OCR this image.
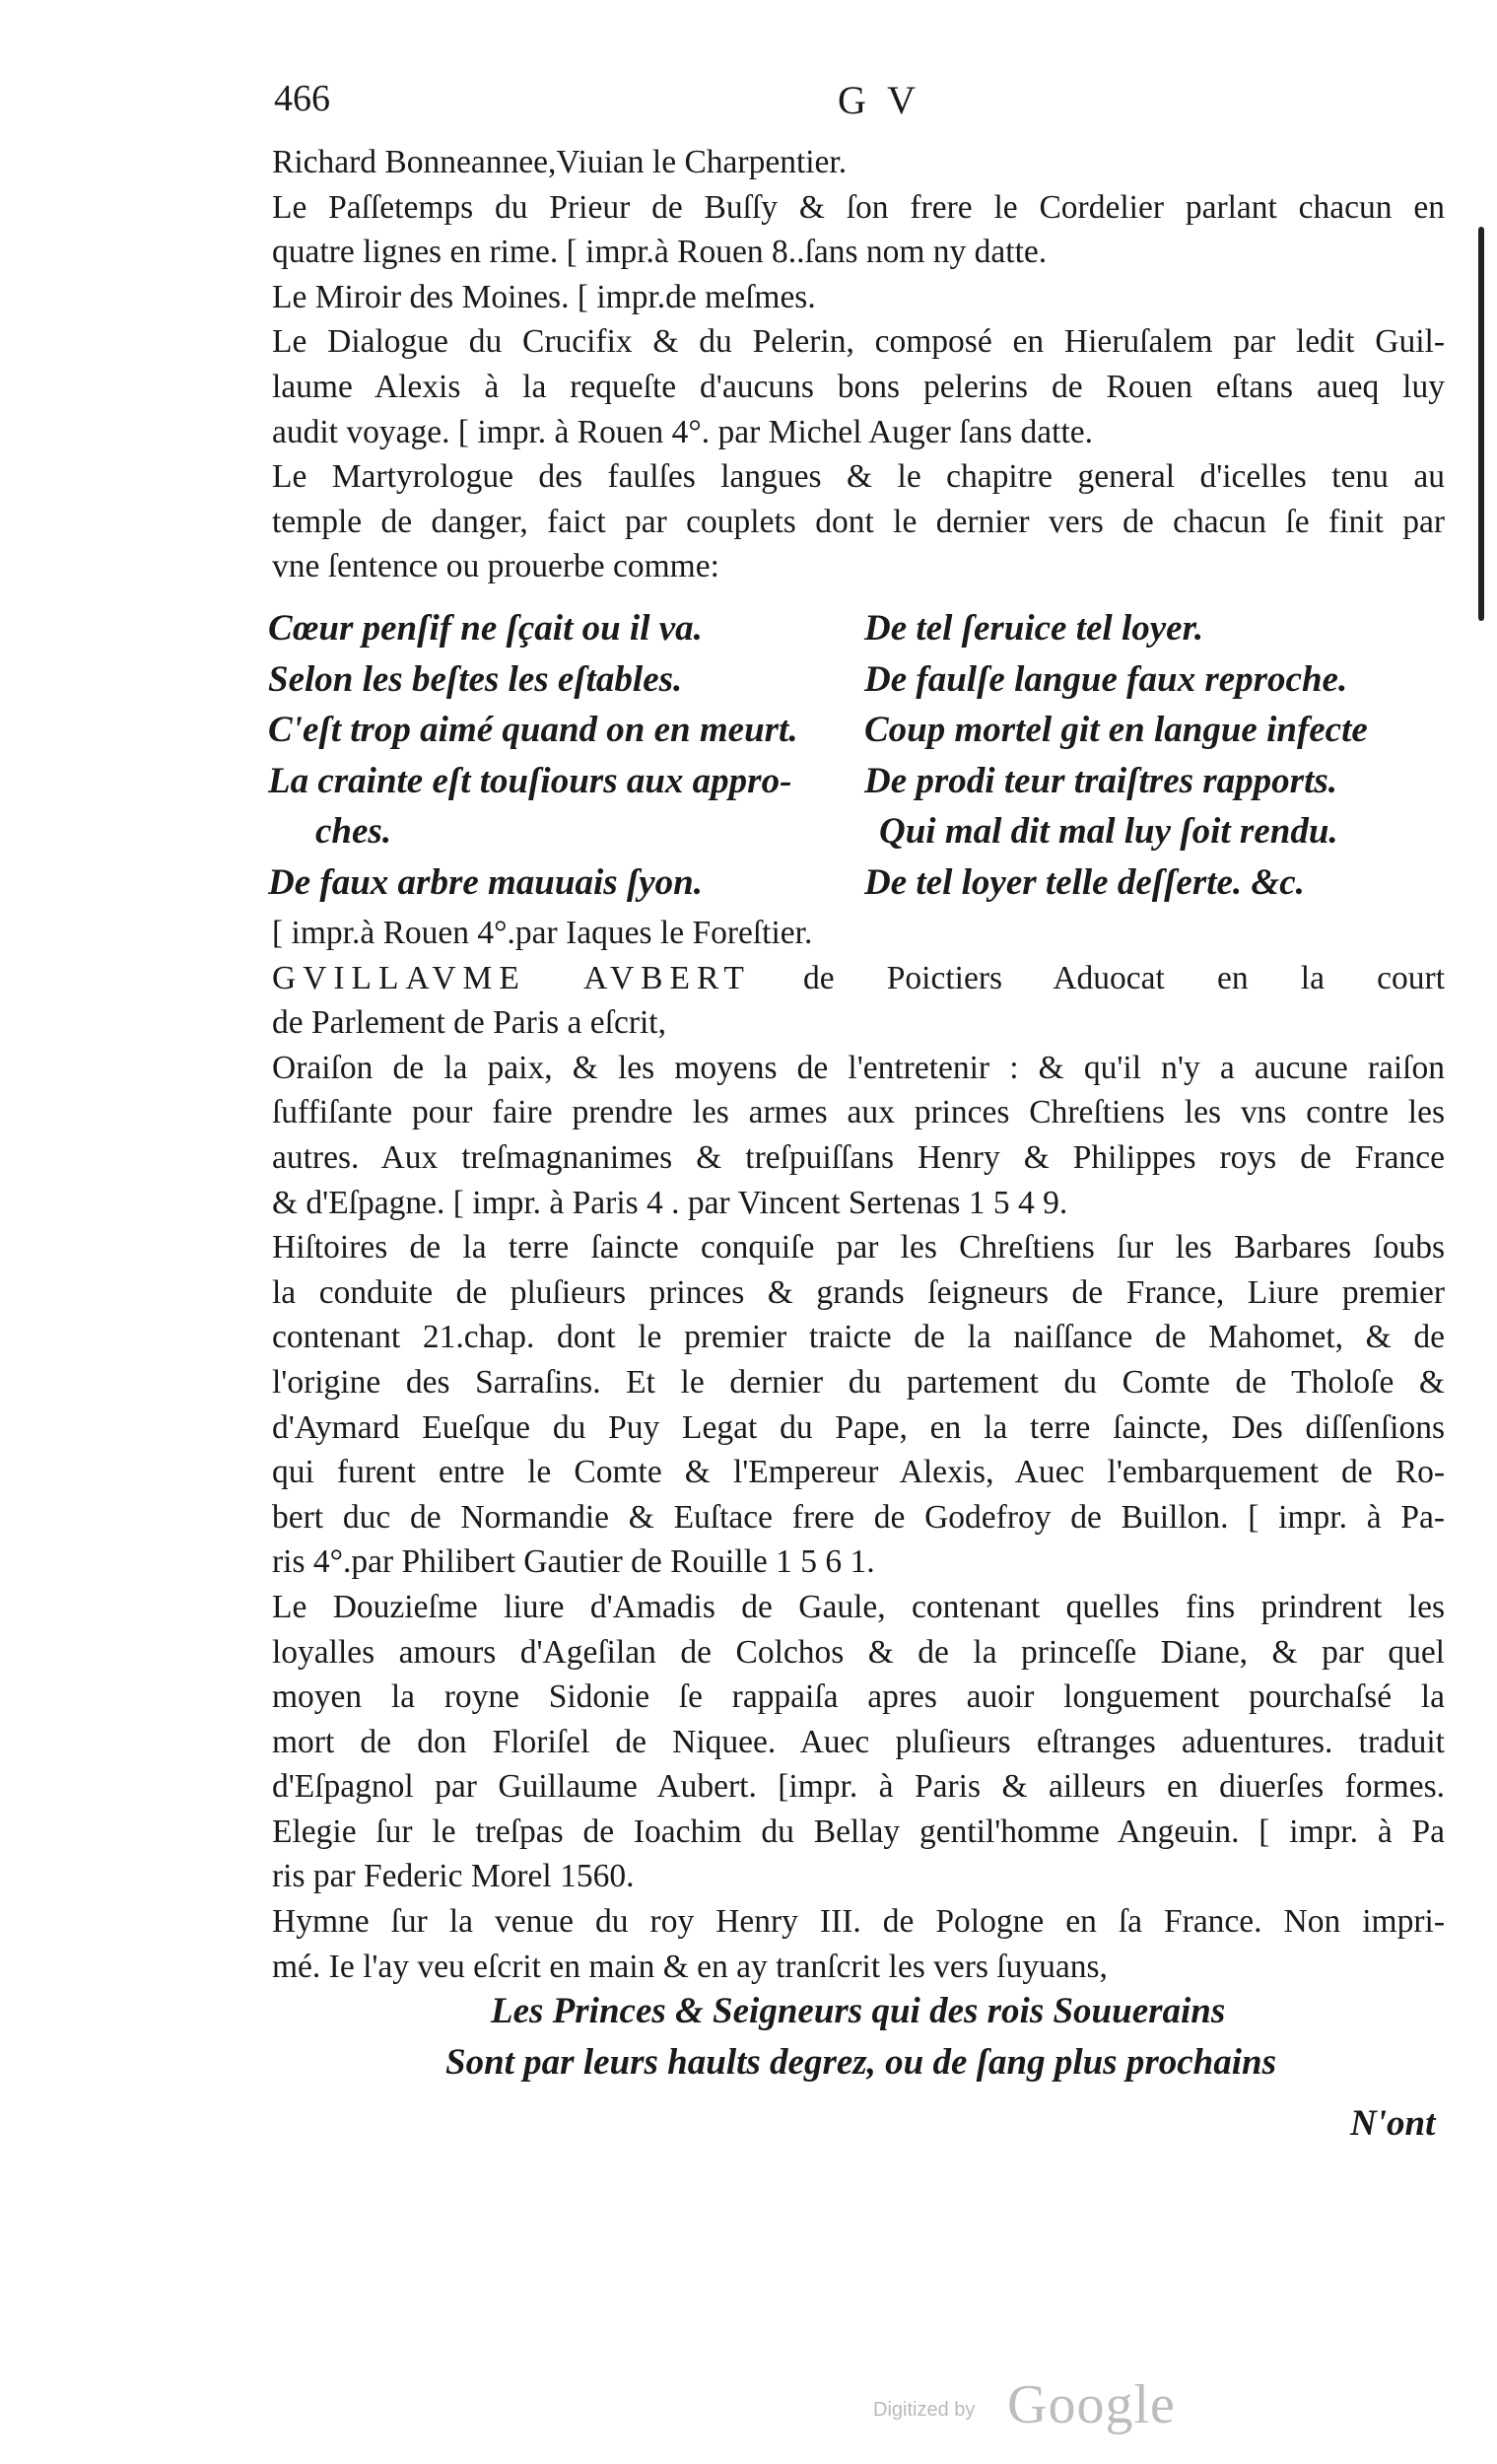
466	G V
Richard Bonneannee,Viuian le Charpentier.
Le Paſſetemps du Prieur de Buſſy & ſon frere le Cordelier parlant chacun en
quatre lignes en rime. [ impr.à Rouen 8..ſans nom ny datte.
Le Miroir des Moines. [ impr.de meſmes.
Le Dialogue du Crucifix & du Pelerin, composé en Hieruſalem par ledit Guil-
laume Alexis à la requeſte d'aucuns bons pelerins de Rouen eſtans aueq luy
audit voyage. [ impr. à Rouen 4°. par Michel Auger ſans datte.
Le Martyrologue des faulſes langues & le chapitre general d'icelles tenu au
temple de danger, faict par couplets dont le dernier vers de chacun ſe finit par
vne ſentence ou prouerbe comme:
Cœur penſif ne ſçait ou il va.
Selon les beſtes les eſtables.
C'eſt trop aimé quand on en meurt.
La crainte eſt touſiours aux appro-
ches.
De faux arbre mauuais ſyon.
De tel ſeruice tel loyer.
De faulſe langue faux reproche.
Coup mortel git en langue infecte
De prodi teur traiſtres rapports.
Qui mal dit mal luy ſoit rendu.
De tel loyer telle deſſerte. &c.
[ impr.à Rouen 4°.par Iaques le Foreſtier.
GVILLAVME AVBERT de Poictiers Aduocat en la court
de Parlement de Paris a eſcrit,
Oraiſon de la paix, & les moyens de l'entretenir : & qu'il n'y a aucune raiſon
ſuffiſante pour faire prendre les armes aux princes Chreſtiens les vns contre les
autres. Aux treſmagnanimes & treſpuiſſans Henry & Philippes roys de France
& d'Eſpagne. [ impr. à Paris 4 . par Vincent Sertenas 1 5 4 9.
Hiſtoires de la terre ſaincte conquiſe par les Chreſtiens ſur les Barbares ſoubs
la conduite de pluſieurs princes & grands ſeigneurs de France, Liure premier
contenant 21.chap. dont le premier traicte de la naiſſance de Mahomet, & de
l'origine des Sarraſins. Et le dernier du partement du Comte de Tholoſe &
d'Aymard Eueſque du Puy Legat du Pape, en la terre ſaincte, Des diſſenſions
qui furent entre le Comte & l'Empereur Alexis, Auec l'embarquement de Ro-
bert duc de Normandie & Euſtace frere de Godefroy de Buillon. [ impr. à Pa-
ris 4°.par Philibert Gautier de Rouille 1 5 6 1.
Le Douzieſme liure d'Amadis de Gaule, contenant quelles fins prindrent les
loyalles amours d'Ageſilan de Colchos & de la princeſſe Diane, & par quel
moyen la royne Sidonie ſe rappaiſa apres auoir longuement pourchaſsé la
mort de don Floriſel de Niquee. Auec pluſieurs eſtranges aduentures. traduit
d'Eſpagnol par Guillaume Aubert. [impr. à Paris & ailleurs en diuerſes formes.
Elegie ſur le treſpas de Ioachim du Bellay gentil'homme Angeuin. [ impr. à Pa
ris par Federic Morel 1560.
Hymne ſur la venue du roy Henry III. de Pologne en ſa France. Non impri-
mé. Ie l'ay veu eſcrit en main & en ay tranſcrit les vers ſuyuans,
Les Princes & Seigneurs qui des rois Souuerains
Sont par leurs haults degrez, ou de ſang plus prochains
N'ont
Digitized by Google
